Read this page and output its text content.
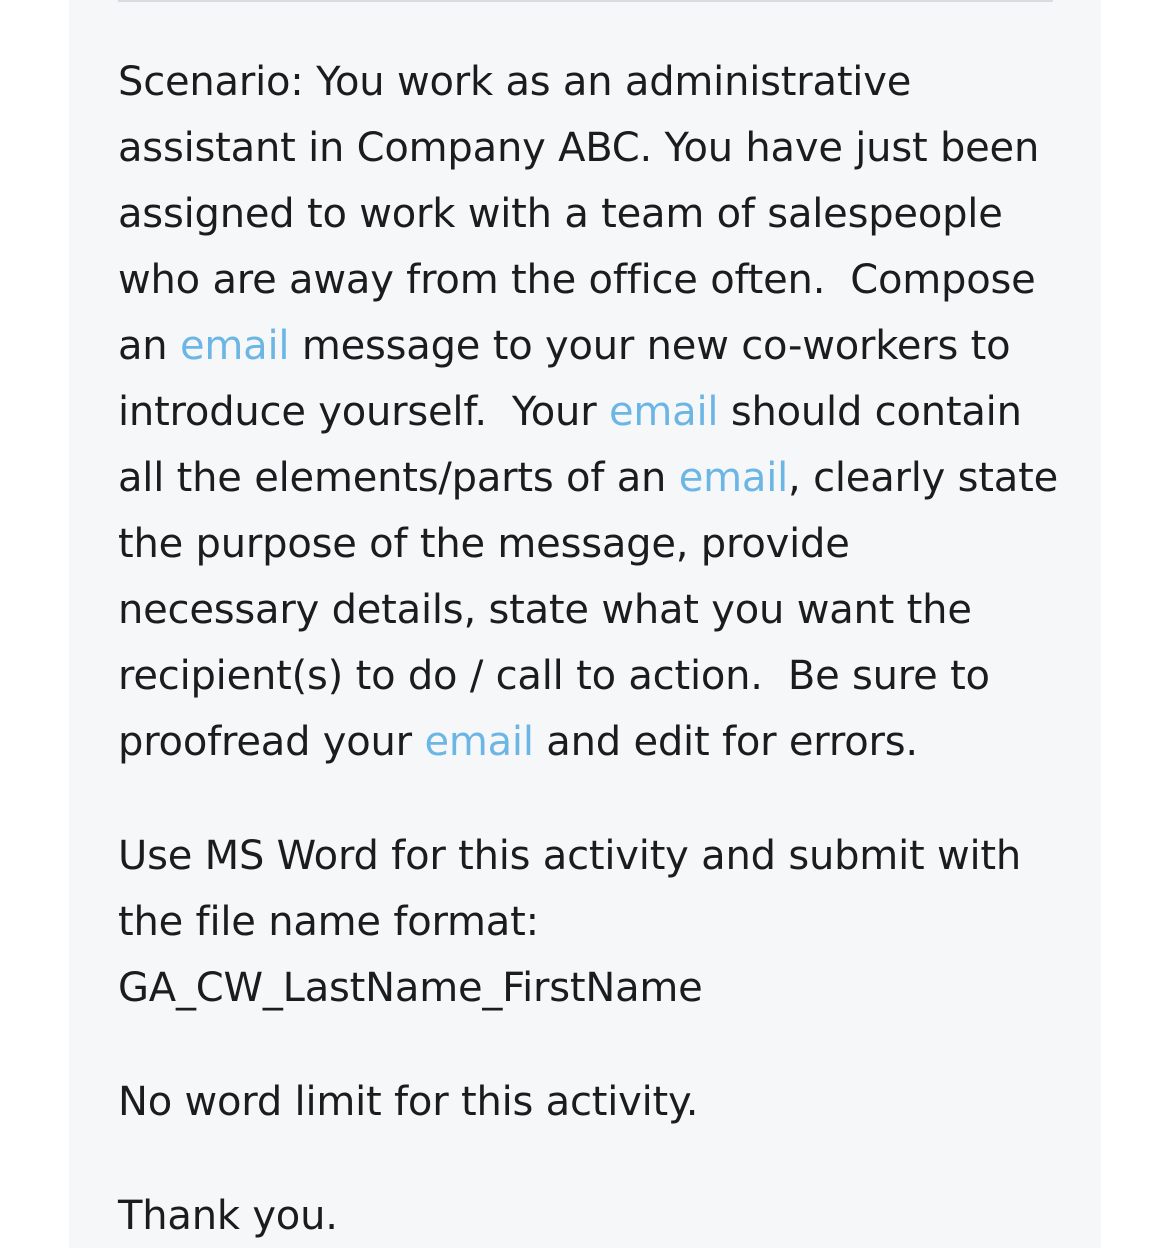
Scenario: You work as an administrative
assistant in Company ABC. You have just been
assigned to work with a team of salespeople
who are away from the office often.  Compose
an email message to your new co-workers to
introduce yourself.  Your email should contain
all the elements/parts of an email, clearly state
the purpose of the message, provide
necessary details, state what you want the
recipient(s) to do / call to action.  Be sure to
proofread your email and edit for errors.

Use MS Word for this activity and submit with
the file name format:
GA_CW_LastName_FirstName

No word limit for this activity.

Thank you.
